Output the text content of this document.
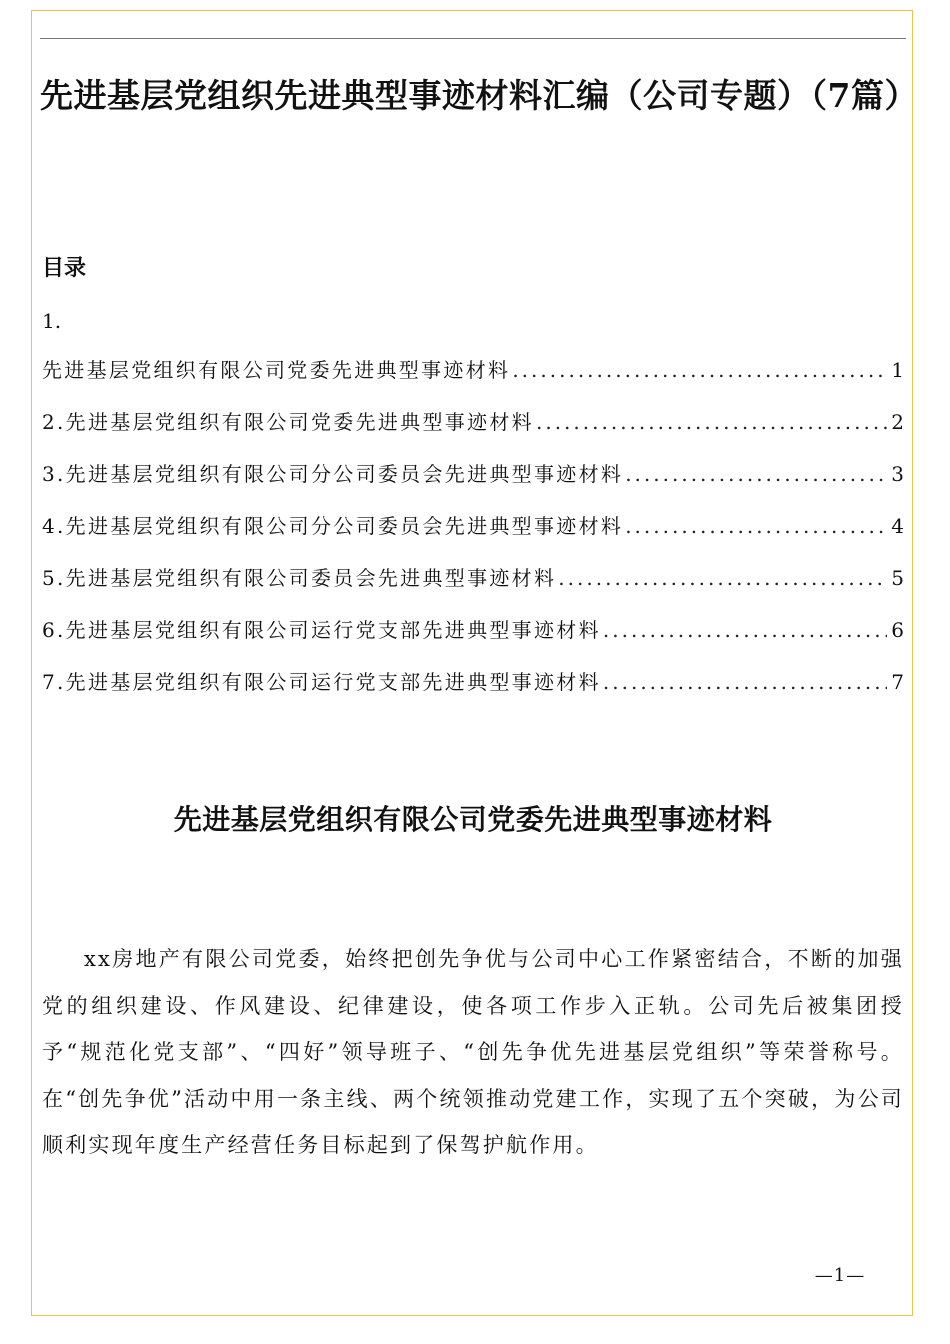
先进基层党组织先进典型事迹材料汇编（公司专题）（7篇）
目录
1.
先进基层党组织有限公司党委先进典型事迹材料 .....	1
2.先进基层党组织有限公司党委先进典型事迹材料 .....	2
3.先进基层党组织有限公司分公司委员会先进典型事迹材料 .....	3
4.先进基层党组织有限公司分公司委员会先进典型事迹材料 .....	4
5.先进基层党组织有限公司委员会先进典型事迹材料 .....	5
6.先进基层党组织有限公司运行党支部先进典型事迹材料 .....	6
7.先进基层党组织有限公司运行党支部先进典型事迹材料 .....	7
先进基层党组织有限公司党委先进典型事迹材料

xx房地产有限公司党委，始终把创先争优与公司中心工作紧密结合，不断的加强党的组织建设、作风建设、纪律建设，使各项工作步入正轨。公司先后被集团授予“规范化党支部”、“四好”领导班子、“创先争优先进基层党组织”等荣誉称号。在“创先争优”活动中用一条主线、两个统领推动党建工作，实现了五个突破，为公司顺利实现年度生产经营任务目标起到了保驾护航作用。

—1—
